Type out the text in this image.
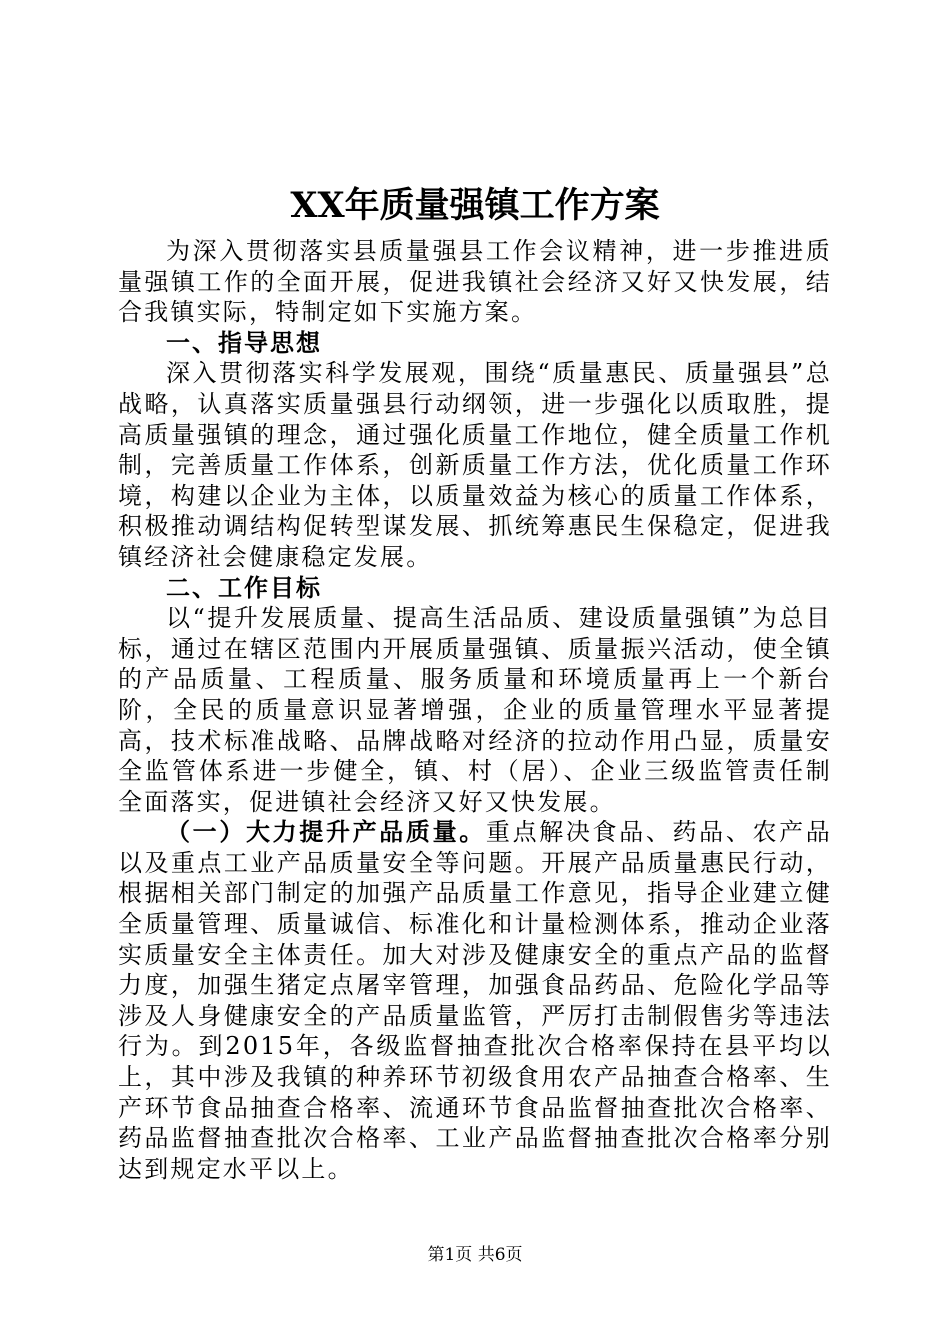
XX年质量强镇工作方案

为深入贯彻落实县质量强县工作会议精神，进一步推进质量强镇工作的全面开展，促进我镇社会经济又好又快发展，结合我镇实际，特制定如下实施方案。

一、指导思想

深入贯彻落实科学发展观，围绕“质量惠民、质量强县”总战略，认真落实质量强县行动纲领，进一步强化以质取胜，提高质量强镇的理念，通过强化质量工作地位，健全质量工作机制，完善质量工作体系，创新质量工作方法，优化质量工作环境，构建以企业为主体，以质量效益为核心的质量工作体系，积极推动调结构促转型谋发展、抓统筹惠民生保稳定，促进我镇经济社会健康稳定发展。

二、工作目标

以“提升发展质量、提高生活品质、建设质量强镇”为总目标，通过在辖区范围内开展质量强镇、质量振兴活动，使全镇的产品质量、工程质量、服务质量和环境质量再上一个新台阶，全民的质量意识显著增强，企业的质量管理水平显著提高，技术标准战略、品牌战略对经济的拉动作用凸显，质量安全监管体系进一步健全，镇、村（居）、企业三级监管责任制全面落实，促进镇社会经济又好又快发展。

（一）大力提升产品质量。重点解决食品、药品、农产品以及重点工业产品质量安全等问题。开展产品质量惠民行动，根据相关部门制定的加强产品质量工作意见，指导企业建立健全质量管理、质量诚信、标准化和计量检测体系，推动企业落实质量安全主体责任。加大对涉及健康安全的重点产品的监督力度，加强生猪定点屠宰管理，加强食品药品、危险化学品等涉及人身健康安全的产品质量监管，严厉打击制假售劣等违法行为。到2015年，各级监督抽查批次合格率保持在县平均以上，其中涉及我镇的种养环节初级食用农产品抽查合格率、生产环节食品抽查合格率、流通环节食品监督抽查批次合格率、药品监督抽查批次合格率、工业产品监督抽查批次合格率分别达到规定水平以上。

第1页 共6页
